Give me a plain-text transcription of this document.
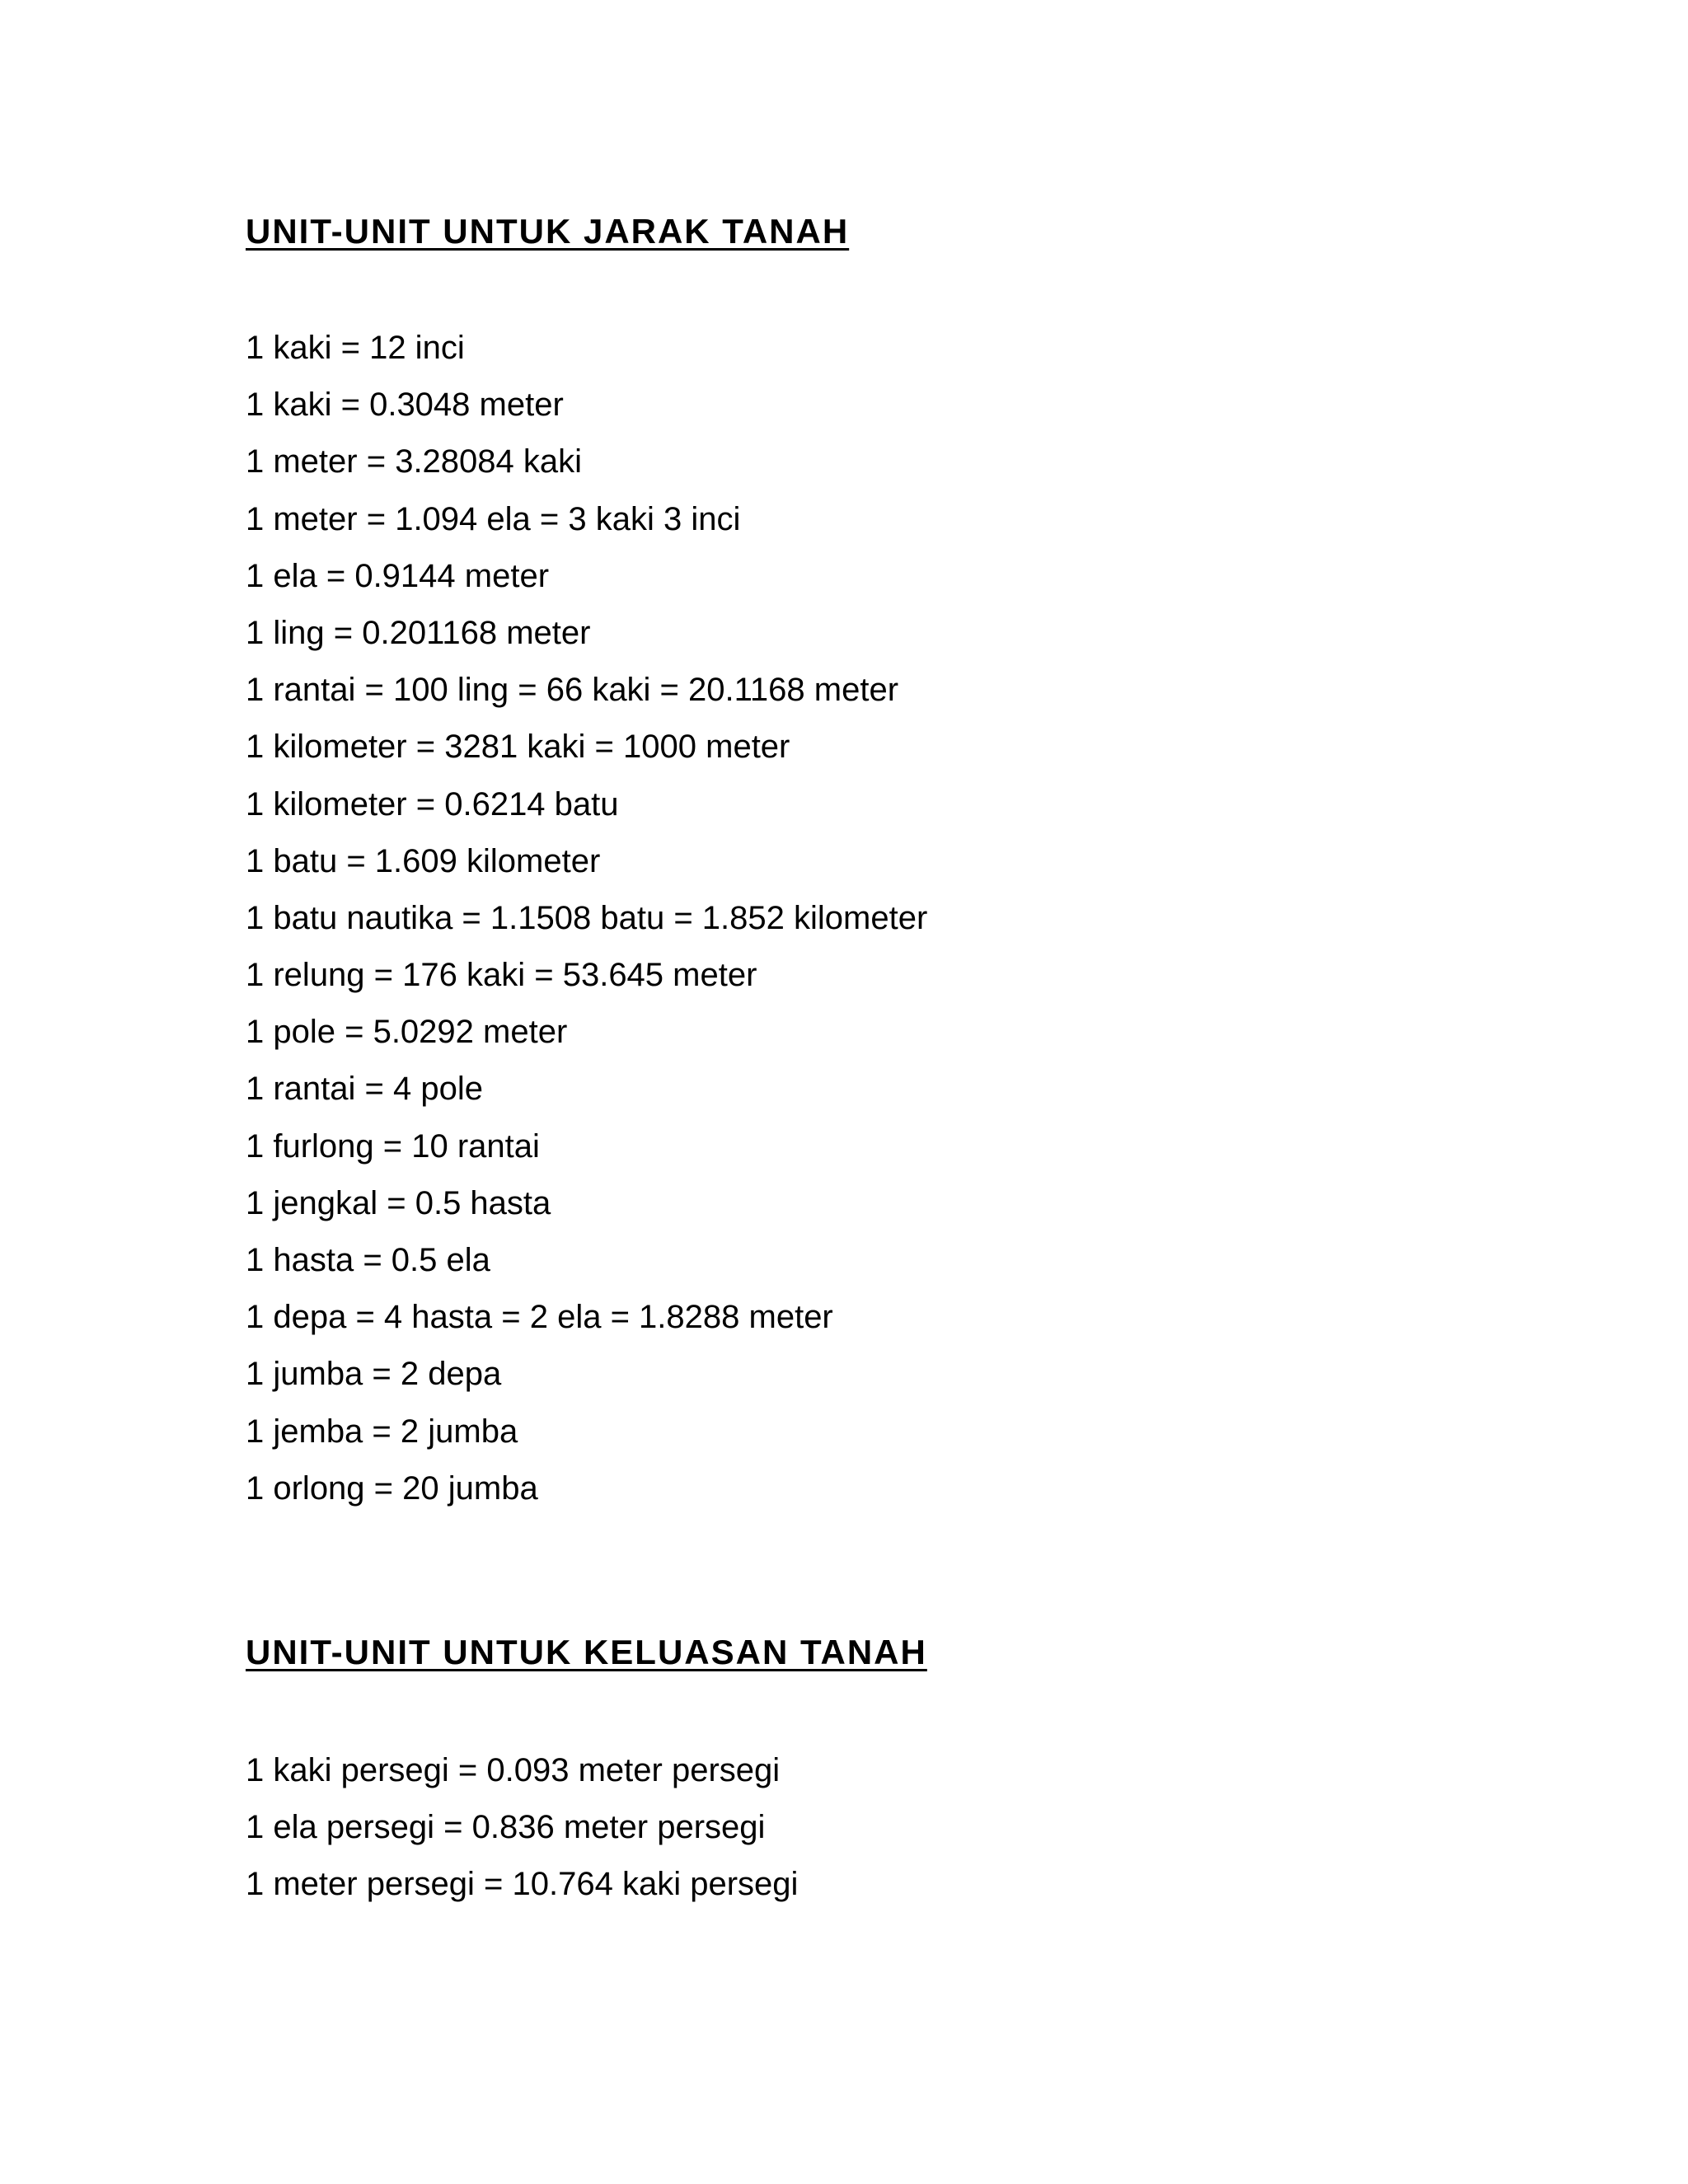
UNIT-UNIT UNTUK JARAK TANAH
1 kaki = 12 inci
1 kaki = 0.3048 meter
1 meter = 3.28084 kaki
1 meter = 1.094 ela = 3 kaki 3 inci
1 ela = 0.9144 meter
1 ling = 0.201168 meter
1 rantai = 100 ling = 66 kaki = 20.1168 meter
1 kilometer = 3281 kaki = 1000 meter
1 kilometer = 0.6214 batu
1 batu = 1.609 kilometer
1 batu nautika = 1.1508 batu = 1.852 kilometer
1 relung = 176 kaki = 53.645 meter
1 pole = 5.0292 meter
1 rantai = 4 pole
1 furlong = 10 rantai
1 jengkal = 0.5 hasta
1 hasta = 0.5 ela
1 depa = 4 hasta = 2 ela = 1.8288 meter
1 jumba = 2 depa
1 jemba = 2 jumba
1 orlong = 20 jumba
UNIT-UNIT UNTUK KELUASAN TANAH
1 kaki persegi = 0.093 meter persegi
1 ela persegi = 0.836 meter persegi
1 meter persegi = 10.764 kaki persegi
